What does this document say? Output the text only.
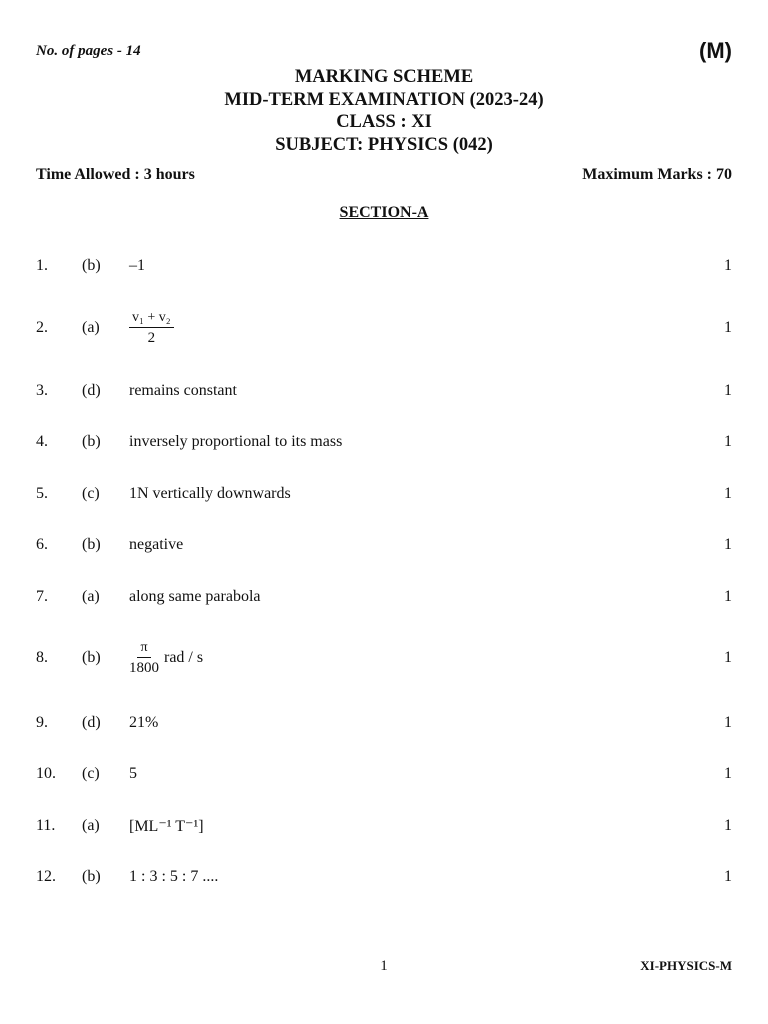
No. of pages - 14	(M)
MARKING SCHEME
MID-TERM EXAMINATION (2023-24)
CLASS : XI
SUBJECT: PHYSICS (042)
Time Allowed : 3 hours	Maximum Marks : 70
SECTION-A
1. (b) –1	1
2. $(a) \frac{\text{v₁ + v₂}}{2}$	1
3. (d) remains constant	1
4. (b) inversely proportional to its mass	1
5. (c) 1N vertically downwards	1
6. (b) negative	1
7. (a) along same parabola	1
8. $(b) \frac{\pi}{1800}$ rad / s	1
9. (d) 21%	1
10. (c) 5	1
11. (a) [ML⁻¹ T⁻¹]	1
12. (b) 1 : 3 : 5 : 7 ....	1
1	XI-PHYSICS-M
